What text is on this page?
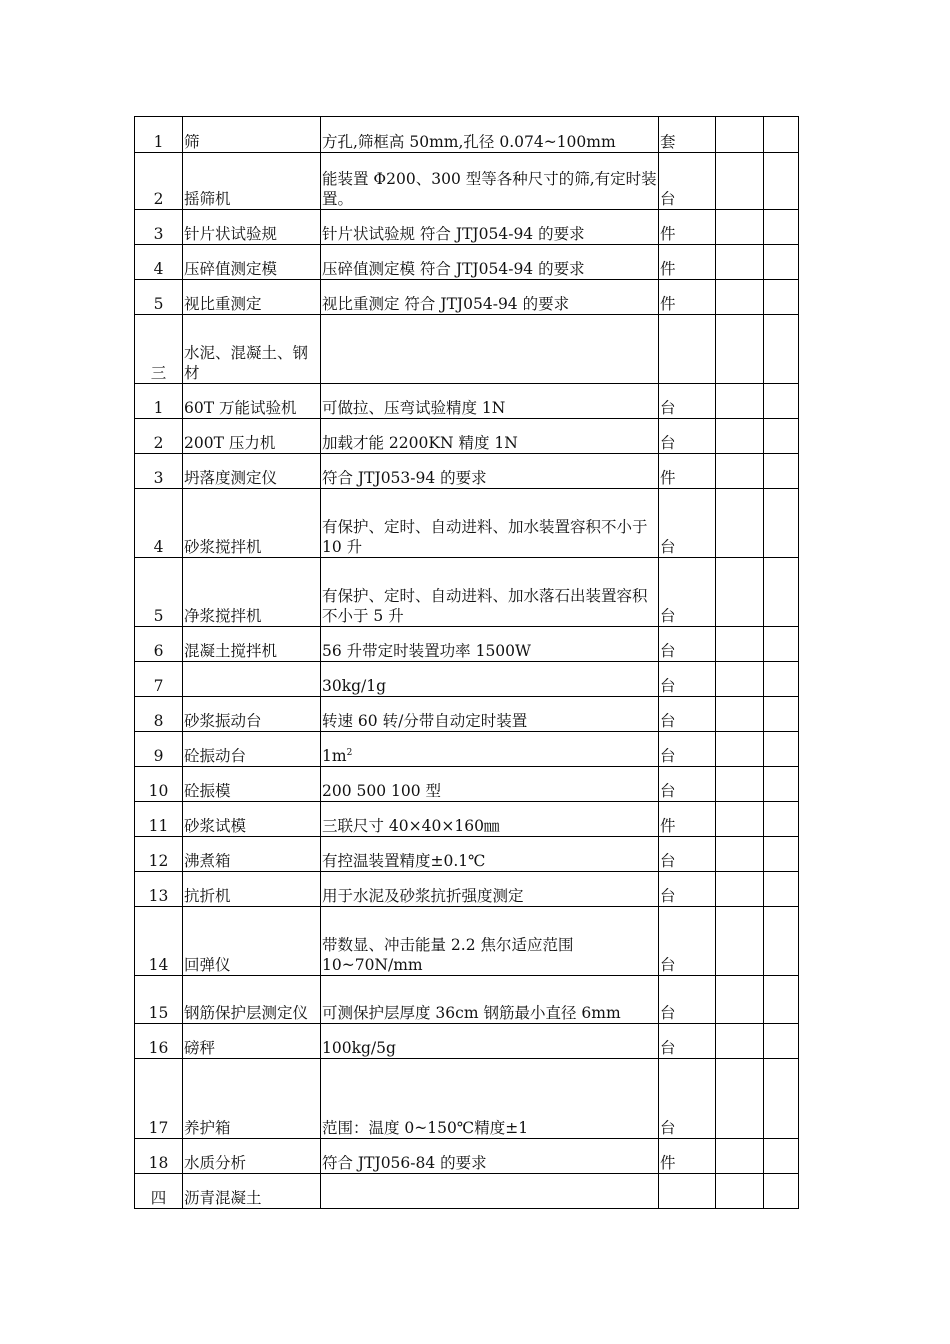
1	筛	方孔,筛框高 50mm,孔径 0.074~100mm	套		
2	摇筛机	能装置 Φ200、300 型等各种尺寸的筛,有定时装置。	台		
3	针片状试验规	针片状试验规 符合 JTJ054-94 的要求	件		
4	压碎值测定模	压碎值测定模 符合 JTJ054-94 的要求	件		
5	视比重测定	视比重测定 符合 JTJ054-94 的要求	件		
三	水泥、混凝土、钢材				
1	60T 万能试验机	可做拉、压弯试验精度 1N	台		
2	200T 压力机	加载才能 2200KN 精度 1N	台		
3	坍落度测定仪	符合 JTJ053-94 的要求	件		
4	砂浆搅拌机	有保护、定时、自动进料、加水装置容积不小于 10 升	台		
5	净浆搅拌机	有保护、定时、自动进料、加水落石出装置容积不小于 5 升	台		
6	混凝土搅拌机	56 升带定时装置功率 1500W	台		
7		30kg/1g	台		
8	砂浆振动台	转速 60 转/分带自动定时装置	台		
9	砼振动台	$1m^2$	台		
10	砼振模	200 500 100 型	台		
11	砂浆试模	三联尺寸 40×40×160㎜	件		
12	沸煮箱	有控温装置精度±0.1℃	台		
13	抗折机	用于水泥及砂浆抗折强度测定	台		
14	回弹仪	带数显、冲击能量 2.2 焦尔适应范围 10~70N/mm	台		
15	钢筋保护层测定仪	可测保护层厚度 36cm 钢筋最小直径 6mm	台		
16	磅秤	100kg/5g	台		
17	养护箱	范围：温度 0~150℃精度±1	台		
18	水质分析	符合 JTJ056-84 的要求	件		
四	沥青混凝土				
